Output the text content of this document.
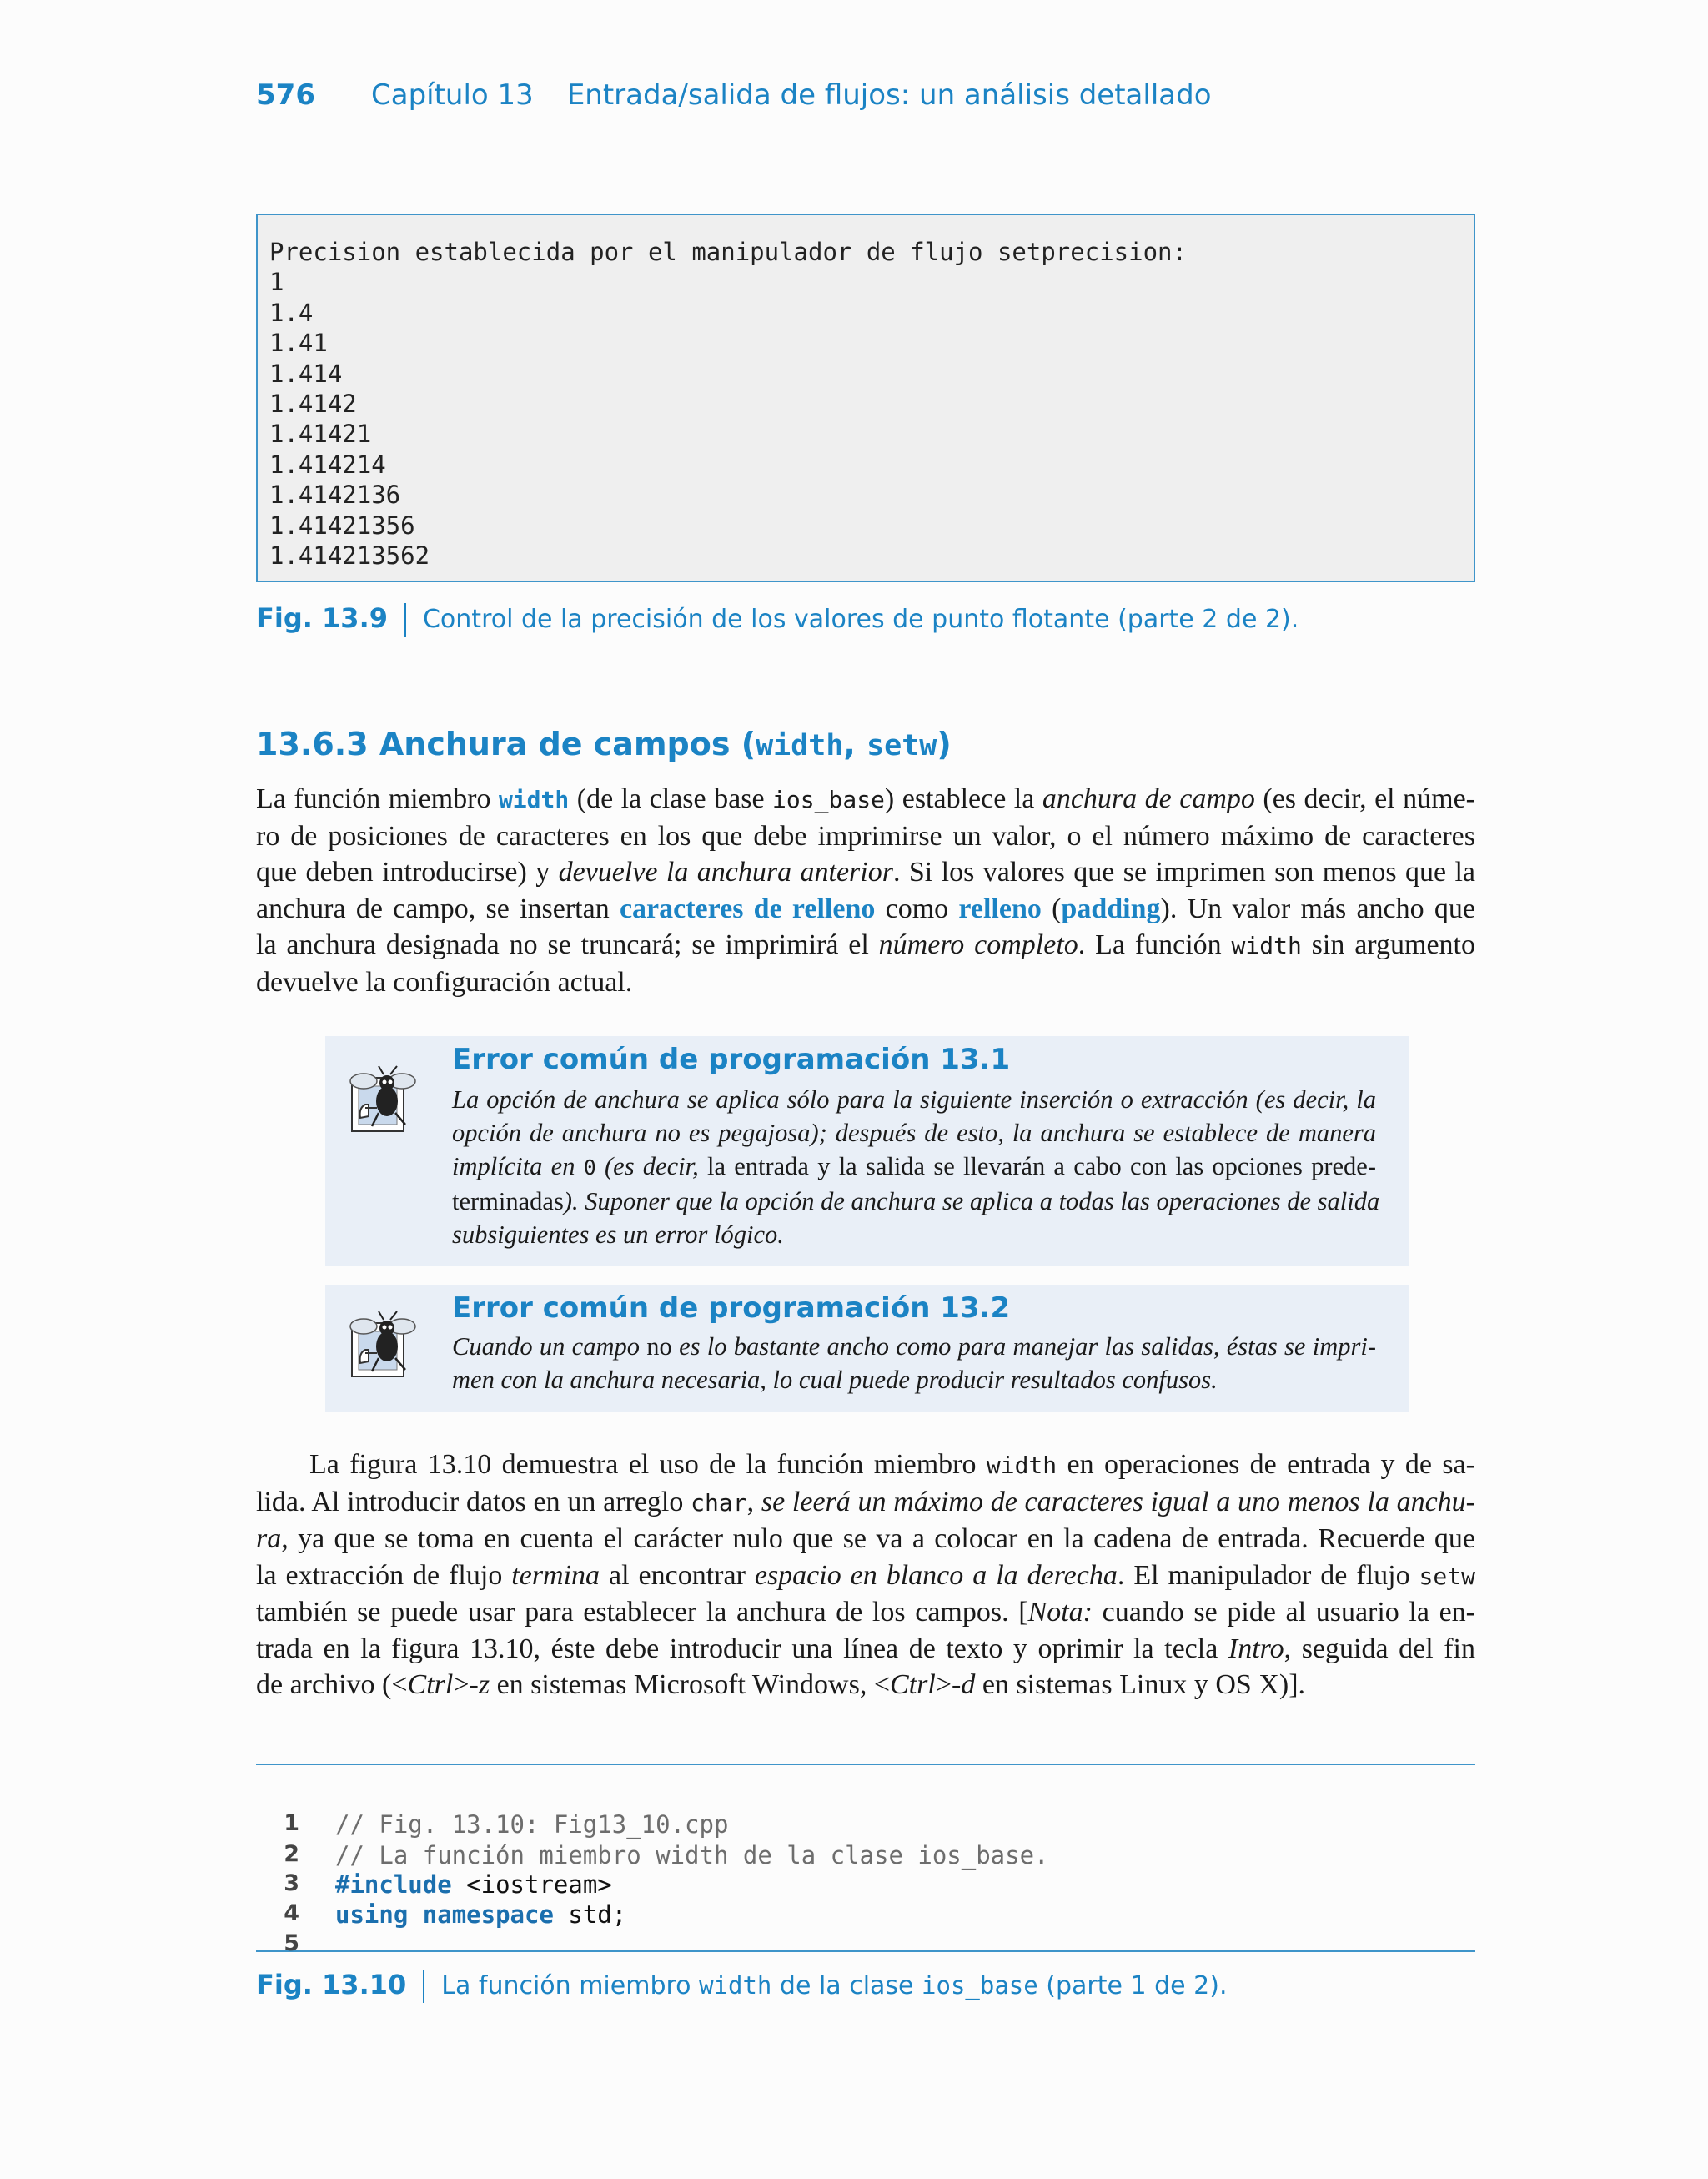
576 Capítulo 13 Entrada/salida de flujos: un análisis detallado
Precision establecida por el manipulador de flujo setprecision:
1
1.4
1.41
1.414
1.4142
1.41421
1.414214
1.4142136
1.41421356
1.414213562
Fig. 13.9 Control de la precisión de los valores de punto flotante (parte 2 de 2).
13.6.3 Anchura de campos (width, setw)
La función miembro width (de la clase base ios_base) establece la anchura de campo (es decir, el núme-
ro de posiciones de caracteres en los que debe imprimirse un valor, o el número máximo de caracteres
que deben introducirse) y devuelve la anchura anterior. Si los valores que se imprimen son menos que la
anchura de campo, se insertan caracteres de relleno como relleno (padding). Un valor más ancho que
la anchura designada no se truncará; se imprimirá el número completo. La función width sin argumento
devuelve la configuración actual.
Error común de programación 13.1
La opción de anchura se aplica sólo para la siguiente inserción o extracción (es decir, la
opción de anchura no es pegajosa); después de esto, la anchura se establece de manera
implícita en 0 (es decir, la entrada y la salida se llevarán a cabo con las opciones prede-
terminadas). Suponer que la opción de anchura se aplica a todas las operaciones de salida
subsiguientes es un error lógico.
Error común de programación 13.2
Cuando un campo no es lo bastante ancho como para manejar las salidas, éstas se impri-
men con la anchura necesaria, lo cual puede producir resultados confusos.
La figura 13.10 demuestra el uso de la función miembro width en operaciones de entrada y de sa-
lida. Al introducir datos en un arreglo char, se leerá un máximo de caracteres igual a uno menos la anchu-
ra, ya que se toma en cuenta el carácter nulo que se va a colocar en la cadena de entrada. Recuerde que
la extracción de flujo termina al encontrar espacio en blanco a la derecha. El manipulador de flujo setw
también se puede usar para establecer la anchura de los campos. [Nota: cuando se pide al usuario la en-
trada en la figura 13.10, éste debe introducir una línea de texto y oprimir la tecla Intro, seguida del fin
de archivo (<Ctrl>-z en sistemas Microsoft Windows, <Ctrl>-d en sistemas Linux y OS X)].

1 // Fig. 13.10: Fig13_10.cpp

2 // La función miembro width de la clase ios_base.

3 #include <iostream>

4 using namespace std;

5

Fig. 13.10 La función miembro width de la clase ios_base (parte 1 de 2).
